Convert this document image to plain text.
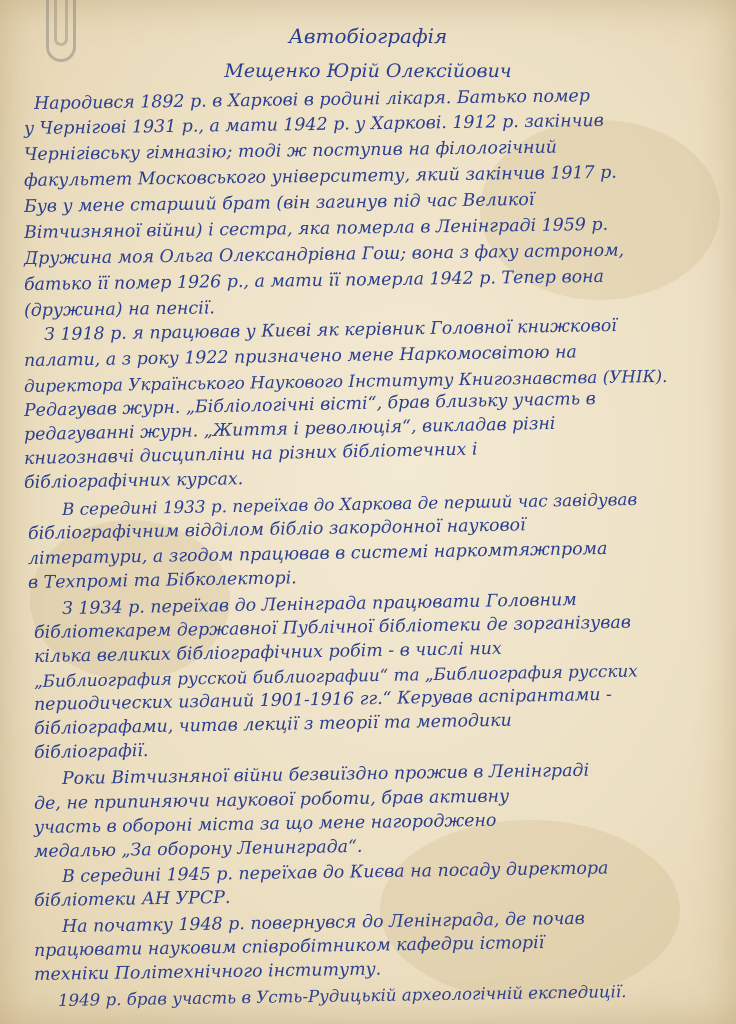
Автобіографія
Мещенко Юрій Олексійович
Народився 1892 р. в Харкові в родині лікаря. Батько помер
у Чернігові 1931 р., а мати 1942 р. у Харкові. 1912 р. закінчив
Чернігівську гімназію; тоді ж поступив на філологічний
факультет Московського університету, який закінчив 1917 р.
Був у мене старший брат (він загинув під час Великої
Вітчизняної війни) і сестра, яка померла в Ленінграді 1959 р.
Дружина моя Ольга Олександрівна Гош; вона з фаху астроном,
батько її помер 1926 р., а мати її померла 1942 р. Тепер вона
(дружина) на пенсії.
З 1918 р. я працював у Києві як керівник Головної книжкової
палати, а з року 1922 призначено мене Наркомосвітою на
директора Українського Наукового Інституту Книгознавства (УНІК).
Редагував журн. „Бібліологічні вісті“, брав близьку участь в
редагуванні журн. „Життя і революція“, викладав різні
книгознавчі дисципліни на різних бібліотечних і
бібліографічних курсах.
В середині 1933 р. переїхав до Харкова де перший час завідував
бібліографічним відділом бібліо закордонної наукової
літератури, а згодом працював в системі наркомтяжпрома
в Техпромі та Бібколекторі.
З 1934 р. переїхав до Ленінграда працювати Головним
бібліотекарем державної Публічної бібліотеки де зорганізував
кілька великих бібліографічних робіт - в числі них
„Библиография русской библиографии“ та „Библиография русских
периодических изданий 1901-1916 гг.“ Керував аспірантами -
бібліографами, читав лекції з теорії та методики
бібліографії.
Роки Вітчизняної війни безвиїздно прожив в Ленінграді
де, не припиняючи наукової роботи, брав активну
участь в обороні міста за що мене нагороджено
медалью „За оборону Ленинграда“.
В середині 1945 р. переїхав до Києва на посаду директора
бібліотеки АН УРСР.
На початку 1948 р. повернувся до Ленінграда, де почав
працювати науковим співробітником кафедри історії
техніки Політехнічного інституту.
1949 р. брав участь в Усть-Рудицькій археологічній експедиції.
